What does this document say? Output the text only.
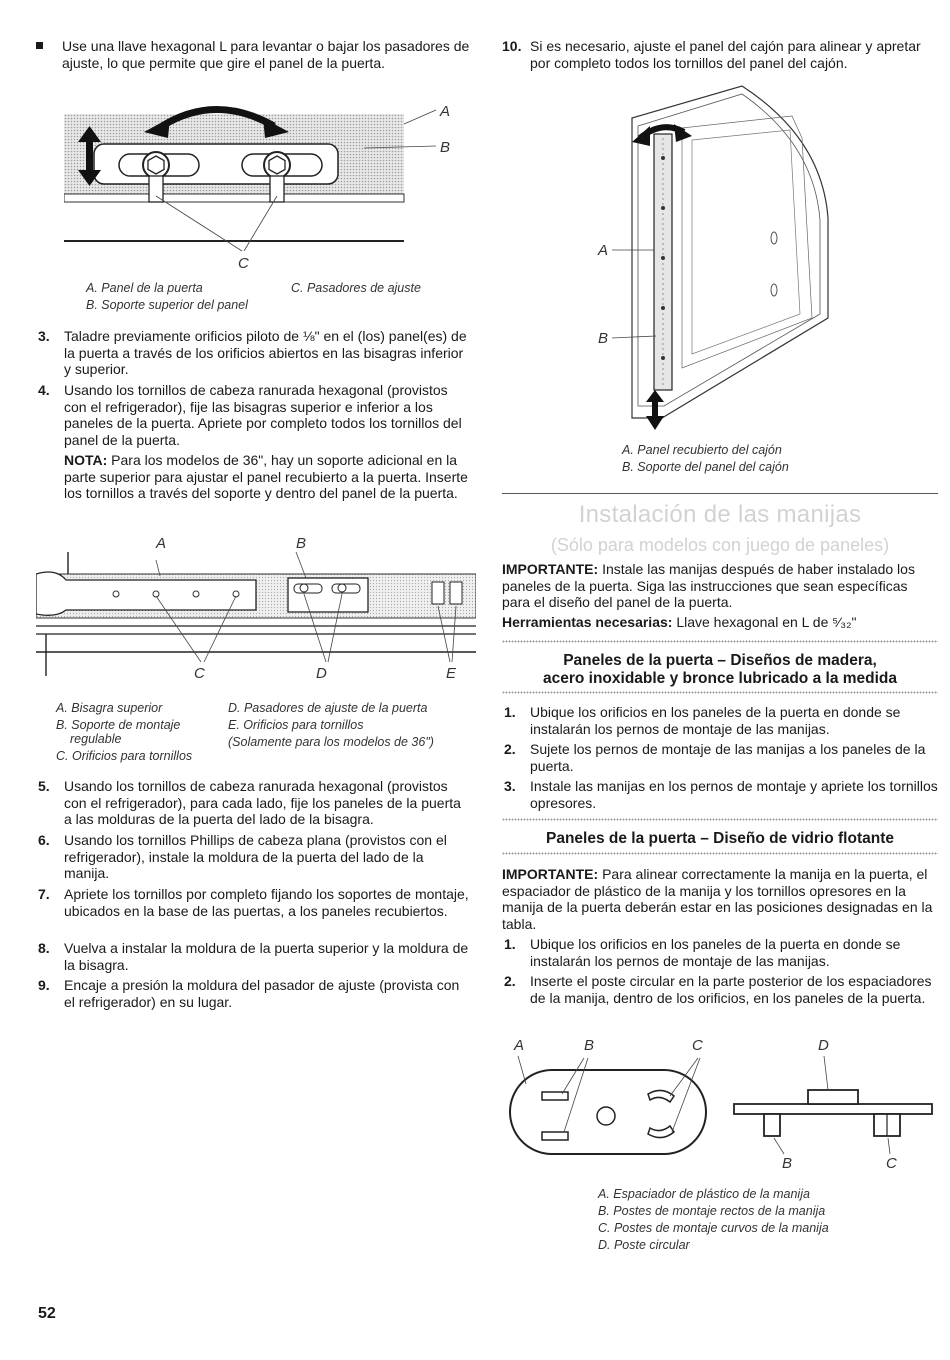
Use una llave hexagonal L para levantar o bajar los pasadores de ajuste, lo que permite que gire el panel de la puerta.
A
B
C
A. Panel de la puerta
B. Soporte superior del panel
C. Pasadores de ajuste
3. Taladre previamente orificios piloto de ⅛" en el (los) panel(es) de la puerta a través de los orificios abiertos en las bisagras inferior y superior.
4. Usando los tornillos de cabeza ranurada hexagonal (provistos con el refrigerador), fije las bisagras superior e inferior a los paneles de la puerta. Apriete por completo todos los tornillos del panel de la puerta.
NOTA: Para los modelos de 36", hay un soporte adicional en la parte superior para ajustar el panel recubierto a la puerta. Inserte los tornillos a través del soporte y dentro del panel de la puerta.
A	B
C	D	E
A. Bisagra superior
B. Soporte de montaje
regulable
C. Orificios para tornillos
D. Pasadores de ajuste de la puerta
E. Orificios para tornillos
(Solamente para los modelos de 36")
5. Usando los tornillos de cabeza ranurada hexagonal (provistos con el refrigerador), para cada lado, fije los paneles de la puerta a las molduras de la puerta del lado de la bisagra.
6. Usando los tornillos Phillips de cabeza plana (provistos con el refrigerador), instale la moldura de la puerta del lado de la manija.
7. Apriete los tornillos por completo fijando los soportes de montaje, ubicados en la base de las puertas, a los paneles recubiertos.
8. Vuelva a instalar la moldura de la puerta superior y la moldura de la bisagra.
9. Encaje a presión la moldura del pasador de ajuste (provista con el refrigerador) en su lugar.
52
10. Si es necesario, ajuste el panel del cajón para alinear y apretar por completo todos los tornillos del panel del cajón.
A
B
A. Panel recubierto del cajón
B. Soporte del panel del cajón
Instalación de las manijas
(Sólo para modelos con juego de paneles)
IMPORTANTE: Instale las manijas después de haber instalado los paneles de la puerta. Siga las instrucciones que sean específicas para el diseño del panel de la puerta.
Herramientas necesarias: Llave hexagonal en L de ⁵⁄₃₂"
Paneles de la puerta – Diseños de madera,
acero inoxidable y bronce lubricado a la medida
1. Ubique los orificios en los paneles de la puerta en donde se instalarán los pernos de montaje de las manijas.
2. Sujete los pernos de montaje de las manijas a los paneles de la puerta.
3. Instale las manijas en los pernos de montaje y apriete los tornillos opresores.
Paneles de la puerta – Diseño de vidrio flotante
IMPORTANTE: Para alinear correctamente la manija en la puerta, el espaciador de plástico de la manija y los tornillos opresores en la manija de la puerta deberán estar en las posiciones designadas en la tabla.
1. Ubique los orificios en los paneles de la puerta en donde se instalarán los pernos de montaje de las manijas.
2. Inserte el poste circular en la parte posterior de los espaciadores de la manija, dentro de los orificios, en los paneles de la puerta.
A	B	C	D
B	C
A. Espaciador de plástico de la manija
B. Postes de montaje rectos de la manija
C. Postes de montaje curvos de la manija
D. Poste circular
